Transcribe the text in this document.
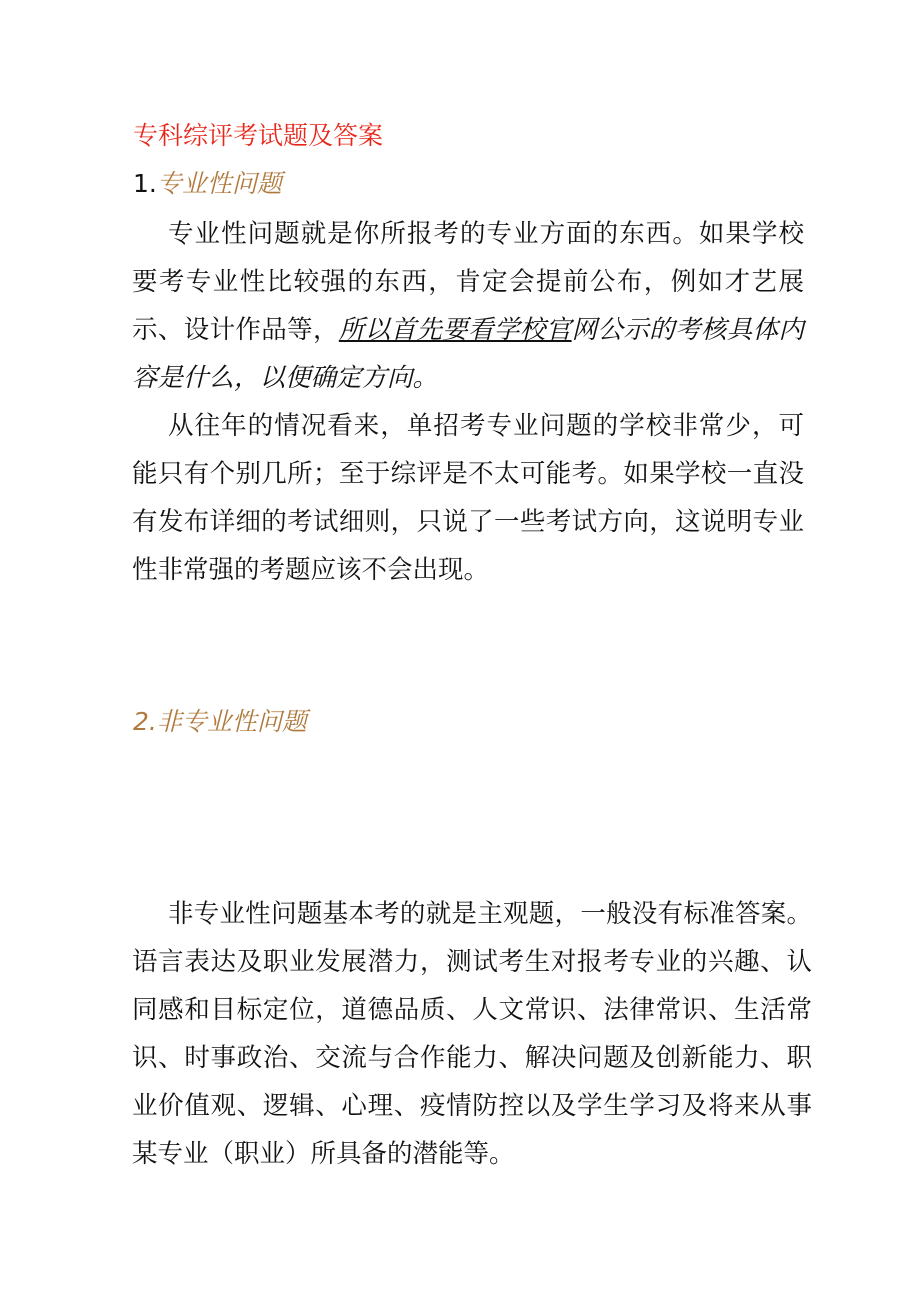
专科综评考试题及答案
1.专业性问题

专业性问题就是你所报考的专业方面的东西。如果学校要考专业性比较强的东西，肯定会提前公布，例如才艺展示、设计作品等，所以首先要看学校官网公示的考核具体内容是什么，以便确定方向。

从往年的情况看来，单招考专业问题的学校非常少，可能只有个别几所；至于综评是不太可能考。如果学校一直没有发布详细的考试细则，只说了一些考试方向，这说明专业性非常强的考题应该不会出现。

2.非专业性问题

非专业性问题基本考的就是主观题，一般没有标准答案。语言表达及职业发展潜力，测试考生对报考专业的兴趣、认同感和目标定位，道德品质、人文常识、法律常识、生活常识、时事政治、交流与合作能力、解决问题及创新能力、职业价值观、逻辑、心理、疫情防控以及学生学习及将来从事某专业（职业）所具备的潜能等。
